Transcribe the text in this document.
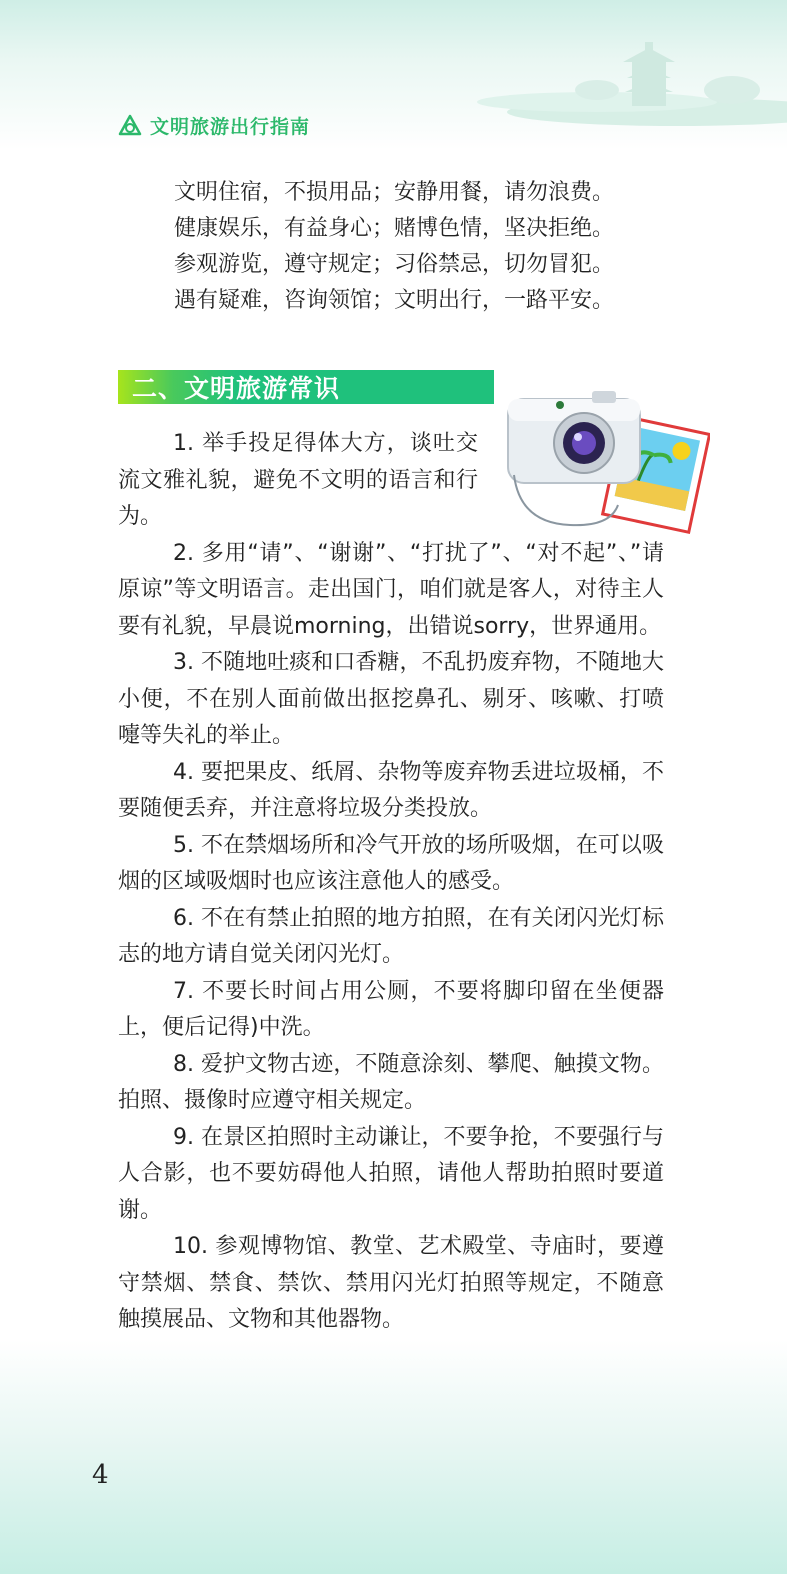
文明旅游出行指南
文明住宿，不损用品；安静用餐，请勿浪费。
健康娱乐，有益身心；赌博色情，坚决拒绝。
参观游览，遵守规定；习俗禁忌，切勿冒犯。
遇有疑难，咨询领馆；文明出行，一路平安。
二、文明旅游常识

1. 举手投足得体大方，谈吐交流文雅礼貌，避免不文明的语言和行为。

2. 多用“请”、“谢谢”、“打扰了”、“对不起”、”请原谅”等文明语言。走出国门，咱们就是客人，对待主人要有礼貌，早晨说morning，出错说sorry，世界通用。

3. 不随地吐痰和口香糖，不乱扔废弃物，不随地大小便，不在别人面前做出抠挖鼻孔、剔牙、咳嗽、打喷嚏等失礼的举止。

4. 要把果皮、纸屑、杂物等废弃物丢进垃圾桶，不要随便丢弃，并注意将垃圾分类投放。

5. 不在禁烟场所和冷气开放的场所吸烟，在可以吸烟的区域吸烟时也应该注意他人的感受。

6. 不在有禁止拍照的地方拍照，在有关闭闪光灯标志的地方请自觉关闭闪光灯。

7. 不要长时间占用公厕，不要将脚印留在坐便器上，便后记得)中洗。

8. 爱护文物古迹，不随意涂刻、攀爬、触摸文物。拍照、摄像时应遵守相关规定。

9. 在景区拍照时主动谦让，不要争抢，不要强行与人合影，也不要妨碍他人拍照，请他人帮助拍照时要道谢。

10. 参观博物馆、教堂、艺术殿堂、寺庙时，要遵守禁烟、禁食、禁饮、禁用闪光灯拍照等规定，不随意触摸展品、文物和其他器物。

4
